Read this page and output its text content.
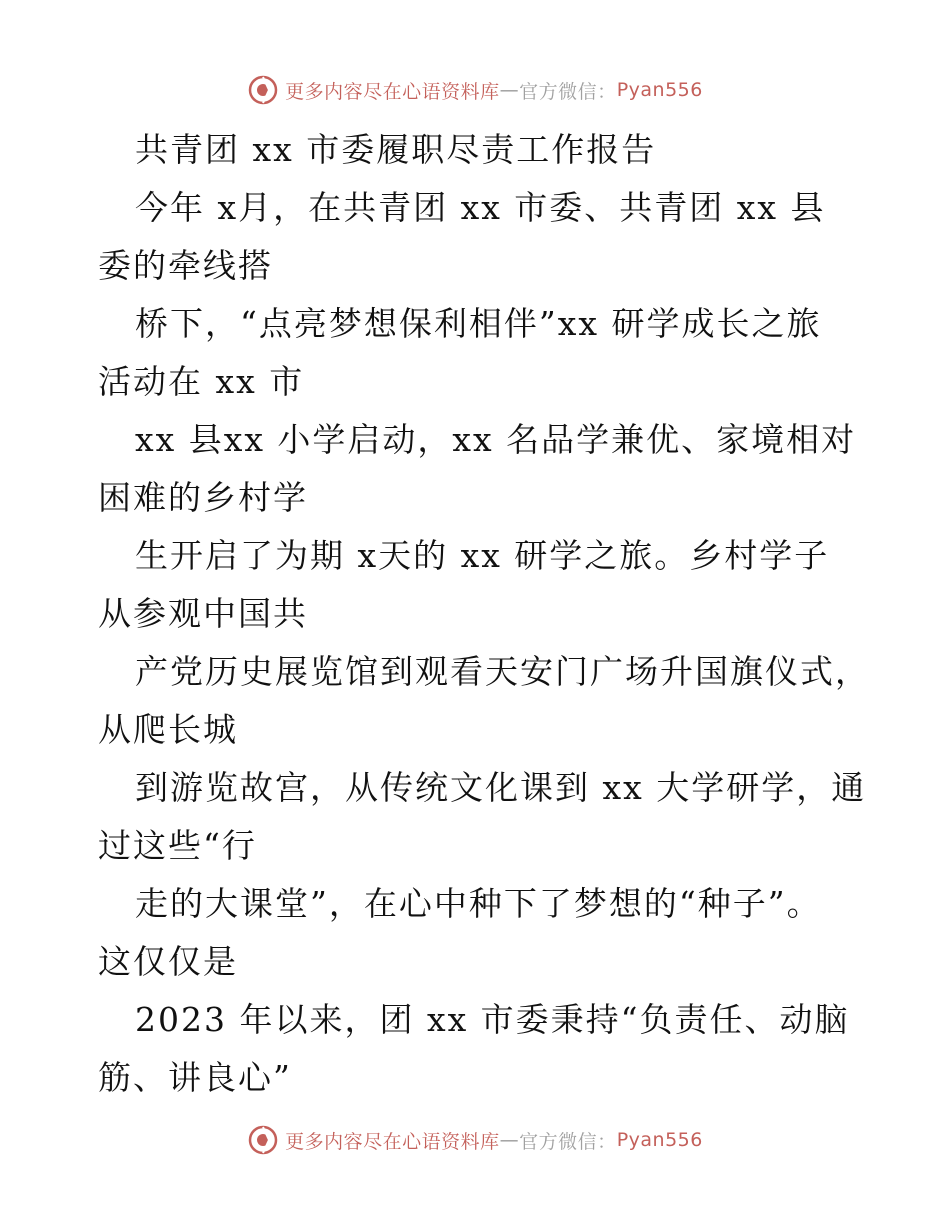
更多内容尽在心语资料库 — 官方微信： Pyan556
共青团 xx 市委履职尽责工作报告
今年 x月，在共青团 xx 市委、共青团 xx 县
委的牵线搭
桥下，“点亮梦想保利相伴”xx 研学成长之旅
活动在 xx 市
xx 县xx 小学启动，xx 名品学兼优、家境相对
困难的乡村学
生开启了为期 x天的 xx 研学之旅。乡村学子
从参观中国共
产党历史展览馆到观看天安门广场升国旗仪式，
从爬长城
到游览故宫，从传统文化课到 xx 大学研学，通
过这些“行
走的大课堂”，在心中种下了梦想的“种子”。
这仅仅是
2023 年以来，团 xx 市委秉持“负责任、动脑
筋、讲良心”
更多内容尽在心语资料库 — 官方微信： Pyan556
